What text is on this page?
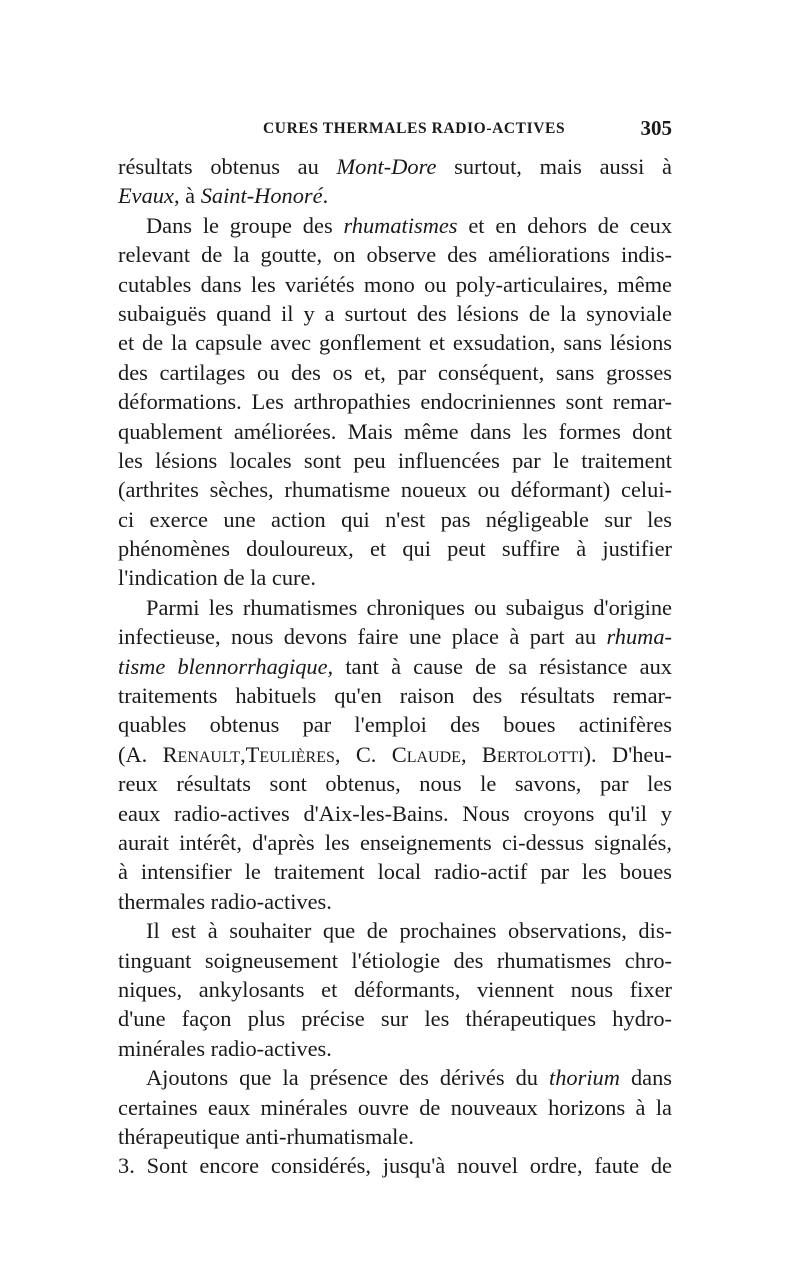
CURES THERMALES RADIO-ACTIVES	305
résultats obtenus au Mont-Dore surtout, mais aussi à
Evaux, à Saint-Honoré.
Dans le groupe des rhumatismes et en dehors de ceux
relevant de la goutte, on observe des améliorations indis-
cutables dans les variétés mono ou poly-articulaires, même
subaiguës quand il y a surtout des lésions de la synoviale
et de la capsule avec gonflement et exsudation, sans lésions
des cartilages ou des os et, par conséquent, sans grosses
déformations. Les arthropathies endocriniennes sont remar-
quablement améliorées. Mais même dans les formes dont
les lésions locales sont peu influencées par le traitement
(arthrites sèches, rhumatisme noueux ou déformant) celui-
ci exerce une action qui n'est pas négligeable sur les
phénomènes douloureux, et qui peut suffire à justifier
l'indication de la cure.
Parmi les rhumatismes chroniques ou subaigus d'origine
infectieuse, nous devons faire une place à part au rhuma-
tisme blennorrhagique, tant à cause de sa résistance aux
traitements habituels qu'en raison des résultats remar-
quables obtenus par l'emploi des boues actinifères
(A. Renault,Teulières, C. Claude, Bertolotti). D'heu-
reux résultats sont obtenus, nous le savons, par les
eaux radio-actives d'Aix-les-Bains. Nous croyons qu'il y
aurait intérêt, d'après les enseignements ci-dessus signalés,
à intensifier le traitement local radio-actif par les boues
thermales radio-actives.
Il est à souhaiter que de prochaines observations, dis-
tinguant soigneusement l'étiologie des rhumatismes chro-
niques, ankylosants et déformants, viennent nous fixer
d'une façon plus précise sur les thérapeutiques hydro-
minérales radio-actives.
Ajoutons que la présence des dérivés du thorium dans
certaines eaux minérales ouvre de nouveaux horizons à la
thérapeutique anti-rhumatismale.
3. Sont encore considérés, jusqu'à nouvel ordre, faute de
